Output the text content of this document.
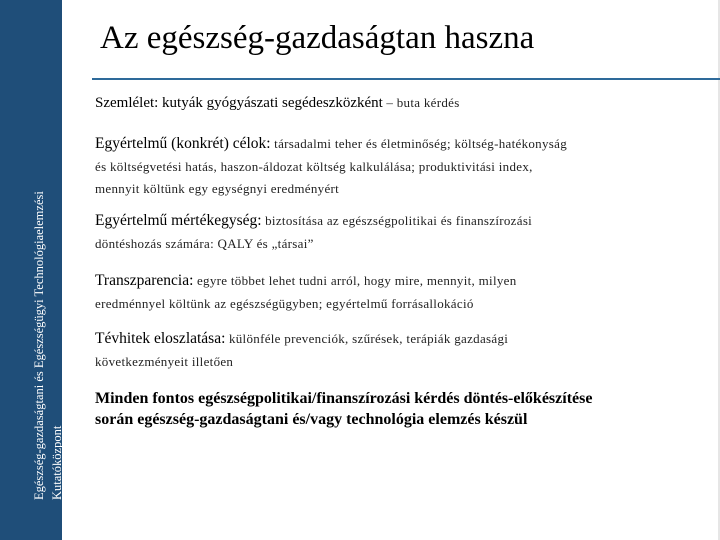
Egészség-gazdaságtani és Egészségügyi Technológiaelemzési Kutatóközpont
Az egészség-gazdaságtan haszna
Szemlélet: kutyák gyógyászati segédeszközként – buta kérdés
Egyértelmű (konkrét) célok: társadalmi teher és életminőség; költség-hatékonyság
és költségvetési hatás, haszon-áldozat költség kalkulálása; produktivitási index,
mennyit költünk egy egységnyi eredményért
Egyértelmű mértékegység: biztosítása az egészségpolitikai és finanszírozási
döntéshozás számára: QALY és „társai”
Transzparencia: egyre többet lehet tudni arról, hogy mire, mennyit, milyen
eredménnyel költünk az egészségügyben; egyértelmű forrásallokáció
Tévhitek eloszlatása: különféle prevenciók, szűrések, terápiák gazdasági
következményeit illetően
Minden fontos egészségpolitikai/finanszírozási kérdés döntés-előkészítése
során egészség-gazdaságtani és/vagy technológia elemzés készül
